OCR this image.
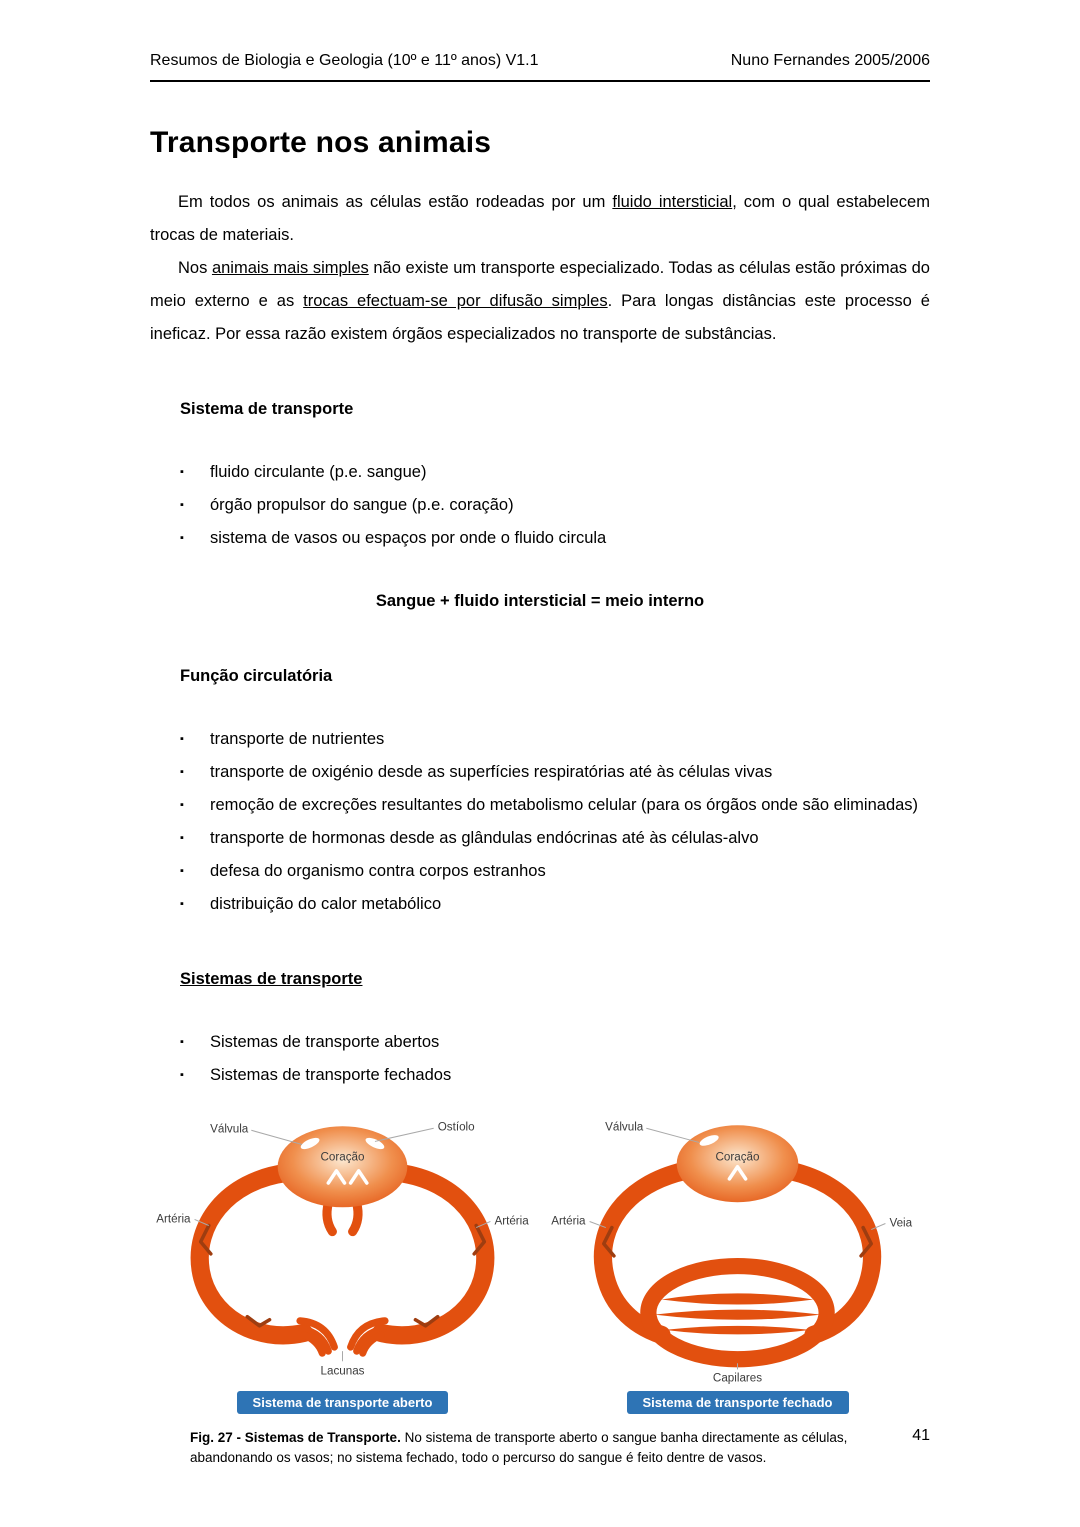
Resumos de Biologia e Geologia (10º e 11º anos) V1.1	Nuno Fernandes 2005/2006
Transporte nos animais

Em todos os animais as células estão rodeadas por um fluido intersticial, com o qual estabelecem trocas de materiais.

Nos animais mais simples não existe um transporte especializado. Todas as células estão próximas do meio externo e as trocas efectuam-se por difusão simples. Para longas distâncias este processo é ineficaz. Por essa razão existem órgãos especializados no transporte de substâncias.

Sistema de transporte
▪	fluido circulante (p.e. sangue)
▪	órgão propulsor do sangue (p.e. coração)
▪	sistema de vasos ou espaços por onde o fluido circula
Sangue + fluido intersticial = meio interno
Função circulatória
▪	transporte de nutrientes
▪	transporte de oxigénio desde as superfícies respiratórias até às células vivas
▪	remoção de excreções resultantes do metabolismo celular (para os órgãos onde são eliminadas)
▪	transporte de hormonas desde as glândulas endócrinas até às células-alvo
▪	defesa do organismo contra corpos estranhos
▪	distribuição do calor metabólico
Sistemas de transporte
▪	Sistemas de transporte abertos
▪	Sistemas de transporte fechados
Válvula	Ostíolo
Coração
Artéria	Artéria
Lacunas
Sistema de transporte aberto
Válvula
Coração
Artéria	Veia
Capilares
Sistema de transporte fechado
Fig. 27 - Sistemas de Transporte. No sistema de transporte aberto o sangue banha directamente as células, abandonando os vasos; no sistema fechado, todo o percurso do sangue é feito dentre de vasos.
41
